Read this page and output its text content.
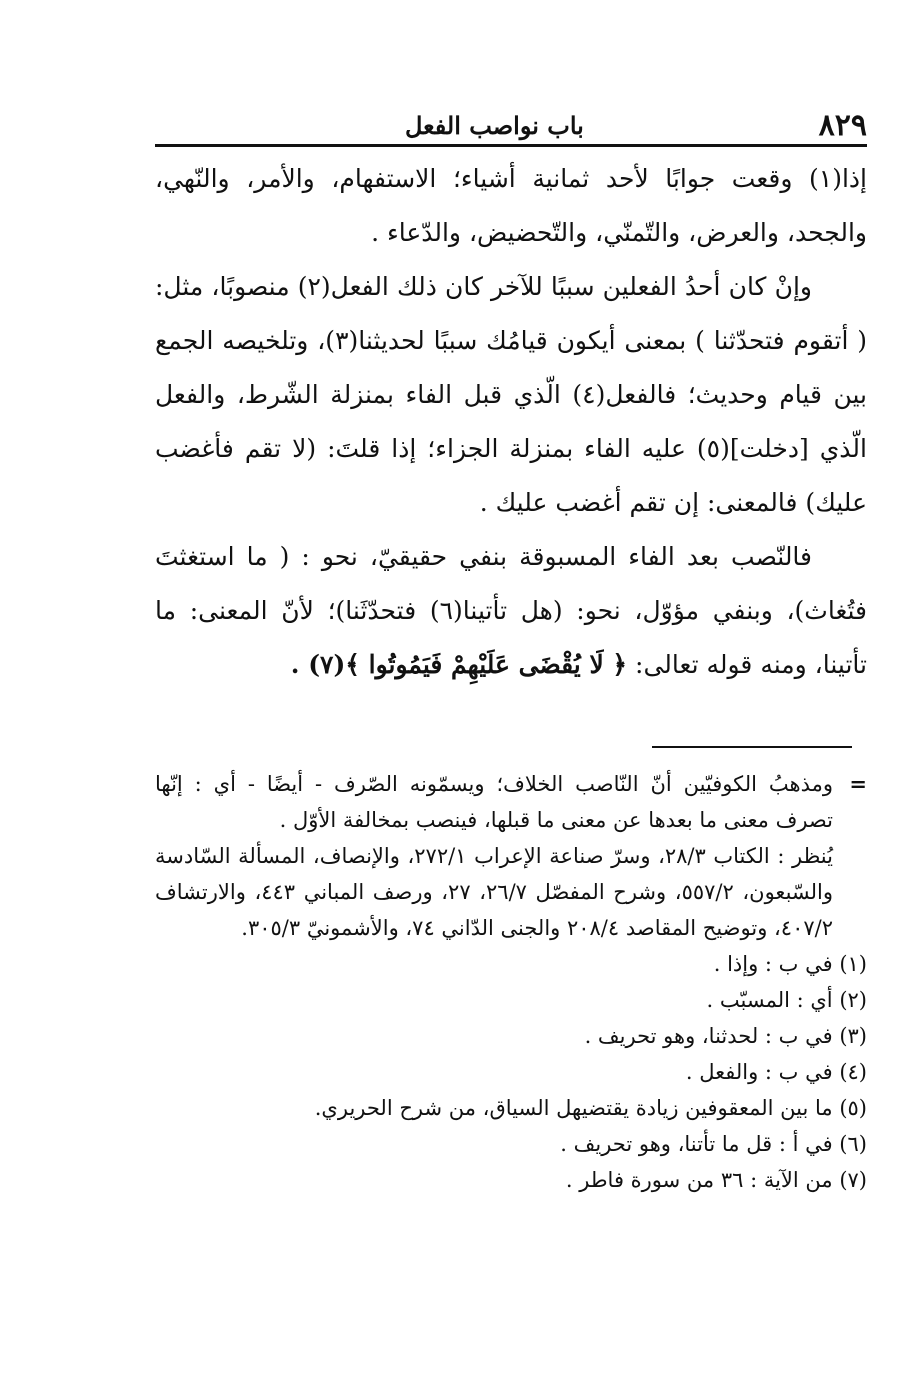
٨٢٩
باب نواصب الفعل

إذا(١) وقعت جوابًا لأحد ثمانية أشياء؛ الاستفهام، والأمر، والنّهي، والجحد، والعرض، والتّمنّي، والتّحضيض، والدّعاء .

وإنْ كان أحدُ الفعلين سببًا للآخر كان ذلك الفعل(٢) منصوبًا، مثل: ( أتقوم فتحدّثنا ) بمعنى أيكون قيامُك سببًا لحديثنا(٣)، وتلخيصه الجمع بين قيام وحديث؛ فالفعل(٤) الّذي قبل الفاء بمنزلة الشّرط، والفعل الّذي [دخلت](٥) عليه الفاء بمنزلة الجزاء؛ إذا قلتَ: (لا تقم فأغضب عليك) فالمعنى: إن تقم أغضب عليك .

فالنّصب بعد الفاء المسبوقة بنفي حقيقيّ، نحو : ( ما استغثتَ فتُغاث)، وبنفي مؤوّل، نحو: (هل تأتينا(٦) فتحدّثَنا)؛ لأنّ المعنى: ما تأتينا، ومنه قوله تعالى: ﴿ لَا يُقْضَى عَلَيْهِمْ فَيَمُوتُوا ﴾(٧) .

=

ومذهبُ الكوفيّين أنّ النّاصب الخلاف؛ ويسمّونه الصّرف - أيضًا - أي : إنّها تصرف معنى ما بعدها عن معنى ما قبلها، فينصب بمخالفة الأوّل .

يُنظر : الكتاب ٢٨/٣، وسرّ صناعة الإعراب ٢٧٢/١، والإنصاف، المسألة السّادسة والسّبعون، ٥٥٧/٢، وشرح المفصّل ٢٦/٧، ٢٧، ورصف المباني ٤٤٣، والارتشاف ٤٠٧/٢، وتوضيح المقاصد ٢٠٨/٤ والجنى الدّاني ٧٤، والأشمونيّ ٣٠٥/٣.

(١) في ب : وإذا .

(٢) أي : المسبّب .

(٣) في ب : لحدثنا، وهو تحريف .

(٤) في ب : والفعل .

(٥) ما بين المعقوفين زيادة يقتضيهل السياق، من شرح الحريري.

(٦) في أ : قل ما تأتنا، وهو تحريف .

(٧) من الآية : ٣٦ من سورة فاطر .
